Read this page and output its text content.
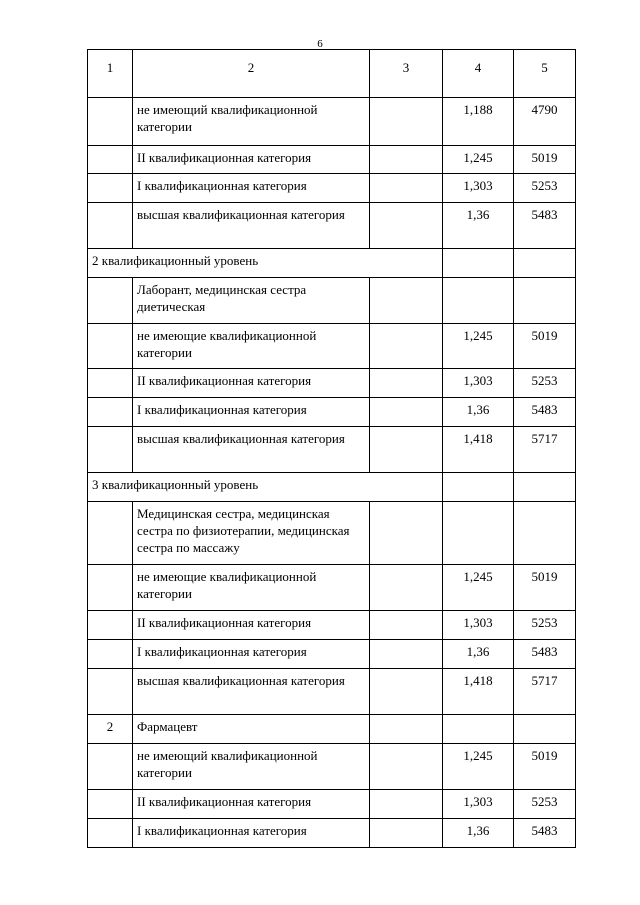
6
1	2	3	4	5
	не имеющий квалификационной категории		1,188	4790
	II квалификационная категория		1,245	5019
	I квалификационная категория		1,303	5253
	высшая квалификационная категория		1,36	5483
2 квалификационный уровень				
	Лаборант, медицинская сестра диетическая			
	не имеющие квалификационной категории		1,245	5019
	II квалификационная категория		1,303	5253
	I квалификационная категория		1,36	5483
	высшая квалификационная категория		1,418	5717
3 квалификационный уровень				
	Медицинская сестра, медицинская сестра по физиотерапии, медицинская сестра по массажу			
	не имеющие квалификационной категории		1,245	5019
	II квалификационная категория		1,303	5253
	I квалификационная категория		1,36	5483
	высшая квалификационная категория		1,418	5717
2	Фармацевт			
	не имеющий квалификационной категории		1,245	5019
	II квалификационная категория		1,303	5253
	I квалификационная категория		1,36	5483
